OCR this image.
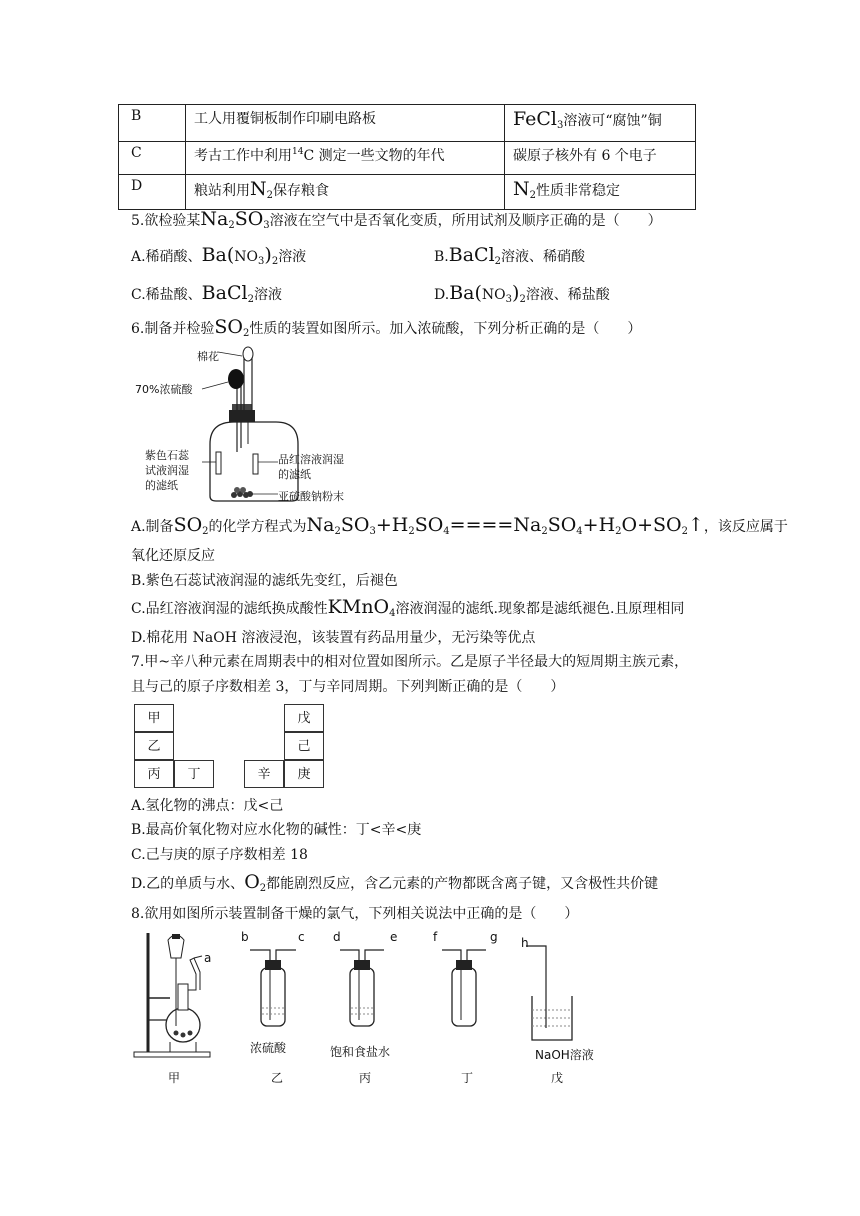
B	工人用覆铜板制作印刷电路板	FeCl$_3$溶液可“腐蚀”铜
C	考古工作中利用$^{14}$C 测定一些文物的年代	碳原子核外有 6 个电子
D	粮站利用$N_2$保存粮食	$N_2$性质非常稳定
5.欲检验某$Na_2SO_3$溶液在空气中是否氧化变质，所用试剂及顺序正确的是（　　）
A.稀硝酸、$Ba(NO_3)_2$溶液	B.BaCl$_2$溶液、稀硝酸
C.稀盐酸、BaCl$_2$溶液	$D.Ba(NO_3)_2$溶液、稀盐酸
6.制备并检验$SO_2$性质的装置如图所示。加入浓硫酸，下列分析正确的是（　　）
棉花
70%浓硫酸
紫色石蕊
试液润湿
的滤纸
品红溶液润湿
的滤纸
亚硫酸钠粉末
A.制备$SO_2$的化学方程式为$Na_2SO_3+H_2SO_4====Na_2SO_4+H_2O+SO_2↑$，该反应属于
氧化还原反应
B.紫色石蕊试液润湿的滤纸先变红，后褪色
C.品红溶液润湿的滤纸换成酸性KMnO$_4$溶液润湿的滤纸.现象都是滤纸褪色.且原理相同
D.棉花用 NaOH 溶液浸泡，该装置有药品用量少，无污染等优点
7.甲~辛八种元素在周期表中的相对位置如图所示。乙是原子半径最大的短周期主族元素，
且与己的原子序数相差 3，丁与辛同周期。下列判断正确的是（　　）
甲
乙
丙	丁
戊
己
辛	庚
A.氢化物的沸点：戊<己
B.最高价氧化物对应水化物的碱性：丁<辛<庚
C.己与庚的原子序数相差 18
D.乙的单质与水、$O_2$都能剧烈反应，含乙元素的产物都既含离子键，又含极性共价键
8.欲用如图所示装置制备干燥的氯气，下列相关说法中正确的是（　　）
a
b	c d	e	f	g h
浓硫酸	饱和食盐水	NaOH溶液
甲	乙	丙	丁	戊
